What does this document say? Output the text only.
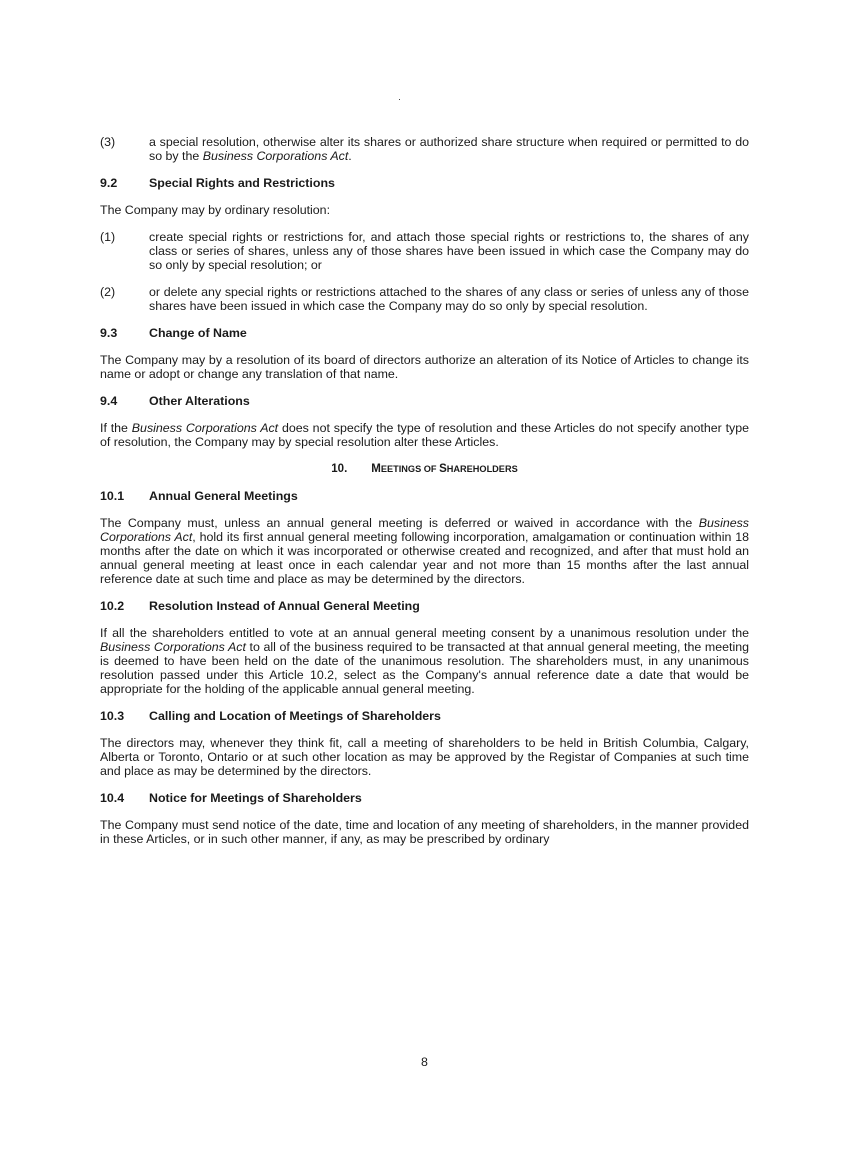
(3)	a special resolution, otherwise alter its shares or authorized share structure when required or permitted to do so by the Business Corporations Act.
9.2	Special Rights and Restrictions

The Company may by ordinary resolution:

(1)	create special rights or restrictions for, and attach those special rights or restrictions to, the shares of any class or series of shares, unless any of those shares have been issued in which case the Company may do so only by special resolution; or
(2)	or delete any special rights or restrictions attached to the shares of any class or series of unless any of those shares have been issued in which case the Company may do so only by special resolution.
9.3	Change of Name

The Company may by a resolution of its board of directors authorize an alteration of its Notice of Articles to change its name or adopt or change any translation of that name.

9.4	Other Alterations

If the Business Corporations Act does not specify the type of resolution and these Articles do not specify another type of resolution, the Company may by special resolution alter these Articles.

10. MEETINGS OF SHAREHOLDERS
10.1	Annual General Meetings

The Company must, unless an annual general meeting is deferred or waived in accordance with the Business Corporations Act, hold its first annual general meeting following incorporation, amalgamation or continuation within 18 months after the date on which it was incorporated or otherwise created and recognized, and after that must hold an annual general meeting at least once in each calendar year and not more than 15 months after the last annual reference date at such time and place as may be determined by the directors.

10.2	Resolution Instead of Annual General Meeting

If all the shareholders entitled to vote at an annual general meeting consent by a unanimous resolution under the Business Corporations Act to all of the business required to be transacted at that annual general meeting, the meeting is deemed to have been held on the date of the unanimous resolution. The shareholders must, in any unanimous resolution passed under this Article 10.2, select as the Company's annual reference date a date that would be appropriate for the holding of the applicable annual general meeting.

10.3	Calling and Location of Meetings of Shareholders

The directors may, whenever they think fit, call a meeting of shareholders to be held in British Columbia, Calgary, Alberta or Toronto, Ontario or at such other location as may be approved by the Registar of Companies at such time and place as may be determined by the directors.

10.4	Notice for Meetings of Shareholders

The Company must send notice of the date, time and location of any meeting of shareholders, in the manner provided in these Articles, or in such other manner, if any, as may be prescribed by ordinary

8
